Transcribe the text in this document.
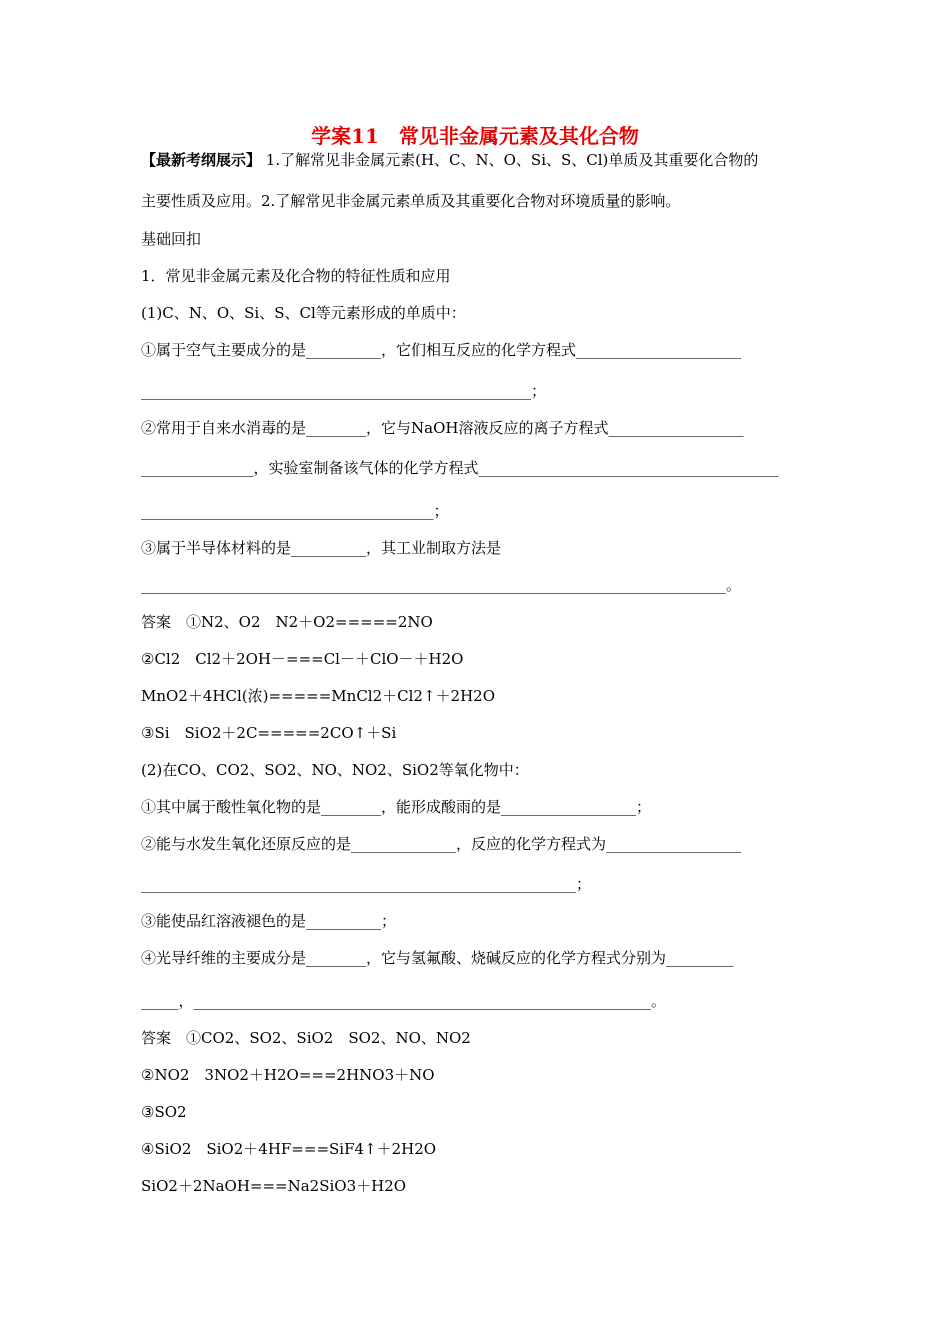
学案11　常见非金属元素及其化合物
【最新考纲展示】 1.了解常见非金属元素(H、C、N、O、Si、S、Cl)单质及其重要化合物的
主要性质及应用。2.了解常见非金属元素单质及其重要化合物对环境质量的影响。
基础回扣
1．常见非金属元素及化合物的特征性质和应用
(1)C、N、O、Si、S、Cl等元素形成的单质中：
①属于空气主要成分的是__________，它们相互反应的化学方程式______________________
____________________________________________________；
②常用于自来水消毒的是________，它与NaOH溶液反应的离子方程式__________________
_______________，实验室制备该气体的化学方程式________________________________________
_______________________________________；
③属于半导体材料的是__________，其工业制取方法是
______________________________________________________________________________。
答案　①N2、O2　N2＋O2=====2NO
②Cl2　Cl2＋2OH－===Cl－＋ClO－＋H2O
MnO2＋4HCl(浓)=====MnCl2＋Cl2↑＋2H2O
③Si　SiO2＋2C=====2CO↑＋Si
(2)在CO、CO2、SO2、NO、NO2、SiO2等氧化物中：
①其中属于酸性氧化物的是________，能形成酸雨的是__________________；
②能与水发生氧化还原反应的是______________，反应的化学方程式为__________________
__________________________________________________________；
③能使品红溶液褪色的是__________；
④光导纤维的主要成分是________，它与氢氟酸、烧碱反应的化学方程式分别为_________
_____，_____________________________________________________________。
答案　①CO2、SO2、SiO2　SO2、NO、NO2
②NO2　3NO2＋H2O===2HNO3＋NO
③SO2
④SiO2　SiO2＋4HF===SiF4↑＋2H2O
SiO2＋2NaOH===Na2SiO3＋H2O
